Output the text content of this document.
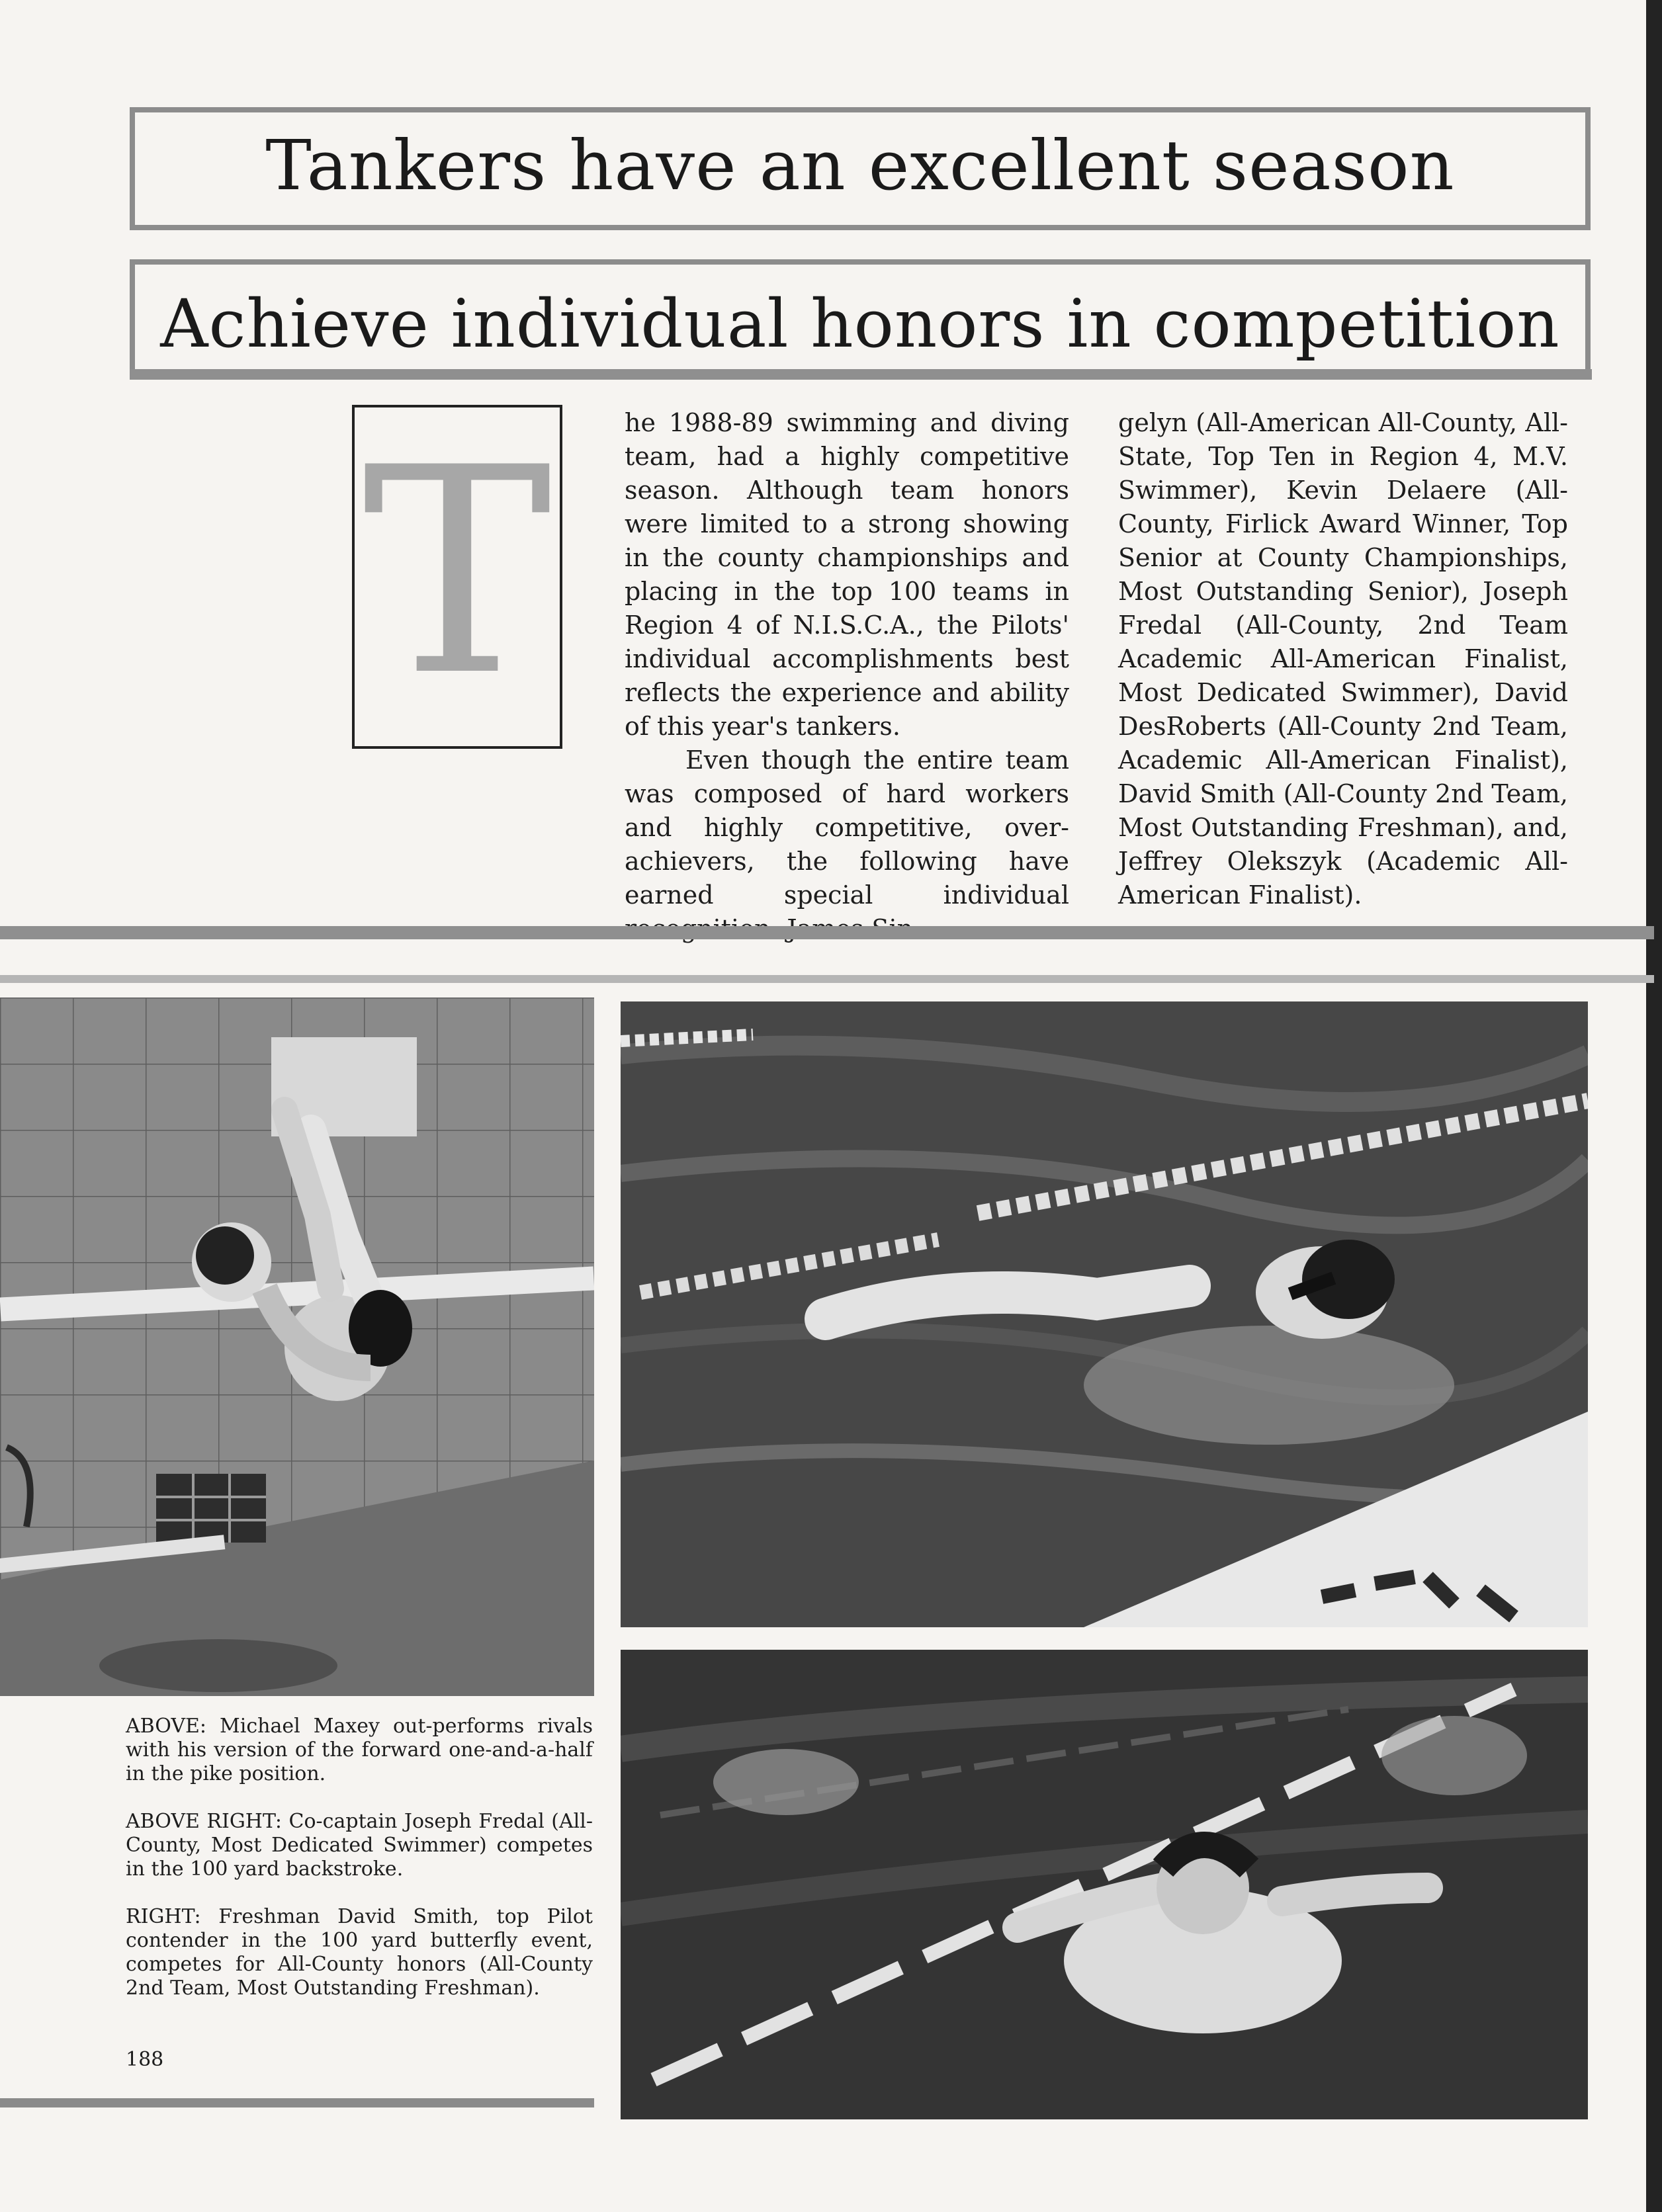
Tankers have an excellent season
Achieve individual honors in competition
T	he 1988-89 swimming and diving team, had a highly competitive season. Although team honors were limited to a strong showing in the county championships and placing in the top 100 teams in Region 4 of N.I.S.C.A., the Pilots' individual accomplishments best reflects the experience and ability of this year's tankers.

Even though the entire team was composed of hard workers and highly competitive, over-achievers, the following have earned special individual

gelyn (All-American All-County, All-State, Top Ten in Region 4, M.V. Swimmer), Kevin Delaere (All-County, Firlick Award Winner, Top Senior at County Championships, Most Outstanding Senior), Joseph Fredal (All-County, 2nd Team Academic All-American Finalist, Most Dedicated Swimmer), David DesRoberts (All-County 2nd Team, Academic All-American Finalist), David Smith (All-County 2nd Team, Most Outstanding Freshman), and, Jeffrey Olekszyk (Academic All-American Finalist).

ABOVE: Michael Maxey out-performs rivals with his version of the forward one-and-a-half in the pike position.

ABOVE RIGHT: Co-captain Joseph Fredal (All-County, Most Dedicated Swimmer) competes in the 100 yard backstroke.

RIGHT: Freshman David Smith, top Pilot contender in the 100 yard butterfly event, competes for All-County honors (All-County 2nd Team, Most Outstanding Freshman).

188
